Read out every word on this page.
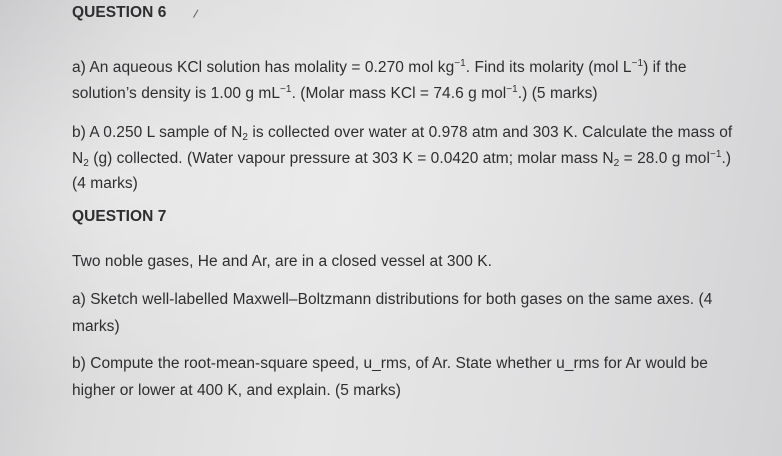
QUESTION 6 /
a) An aqueous KCl solution has molality = 0.270 mol $kg^{-1}$. Find its molarity (mol $L^{-1}$) if the
solution’s density is 1.00 g $mL^{-1}$. (Molar mass KCl = 74.6 g mol$^{-1}$.) (5 marks)
b) A 0.250 L sample of $N_2$ is collected over water at 0.978 atm and 303 K. Calculate the mass of
$N_2$ (g) collected. (Water vapour pressure at 303 K = 0.0420 atm; molar mass $N_2 = 28.0$ g mol$^{-1}$.)
(4 marks)
QUESTION 7
Two noble gases, He and Ar, are in a closed vessel at 300 K.
a) Sketch well-labelled Maxwell–Boltzmann distributions for both gases on the same axes. (4
marks)
b) Compute the root-mean-square speed, u_rms, of Ar. State whether u_rms for Ar would be
higher or lower at 400 K, and explain. (5 marks)
